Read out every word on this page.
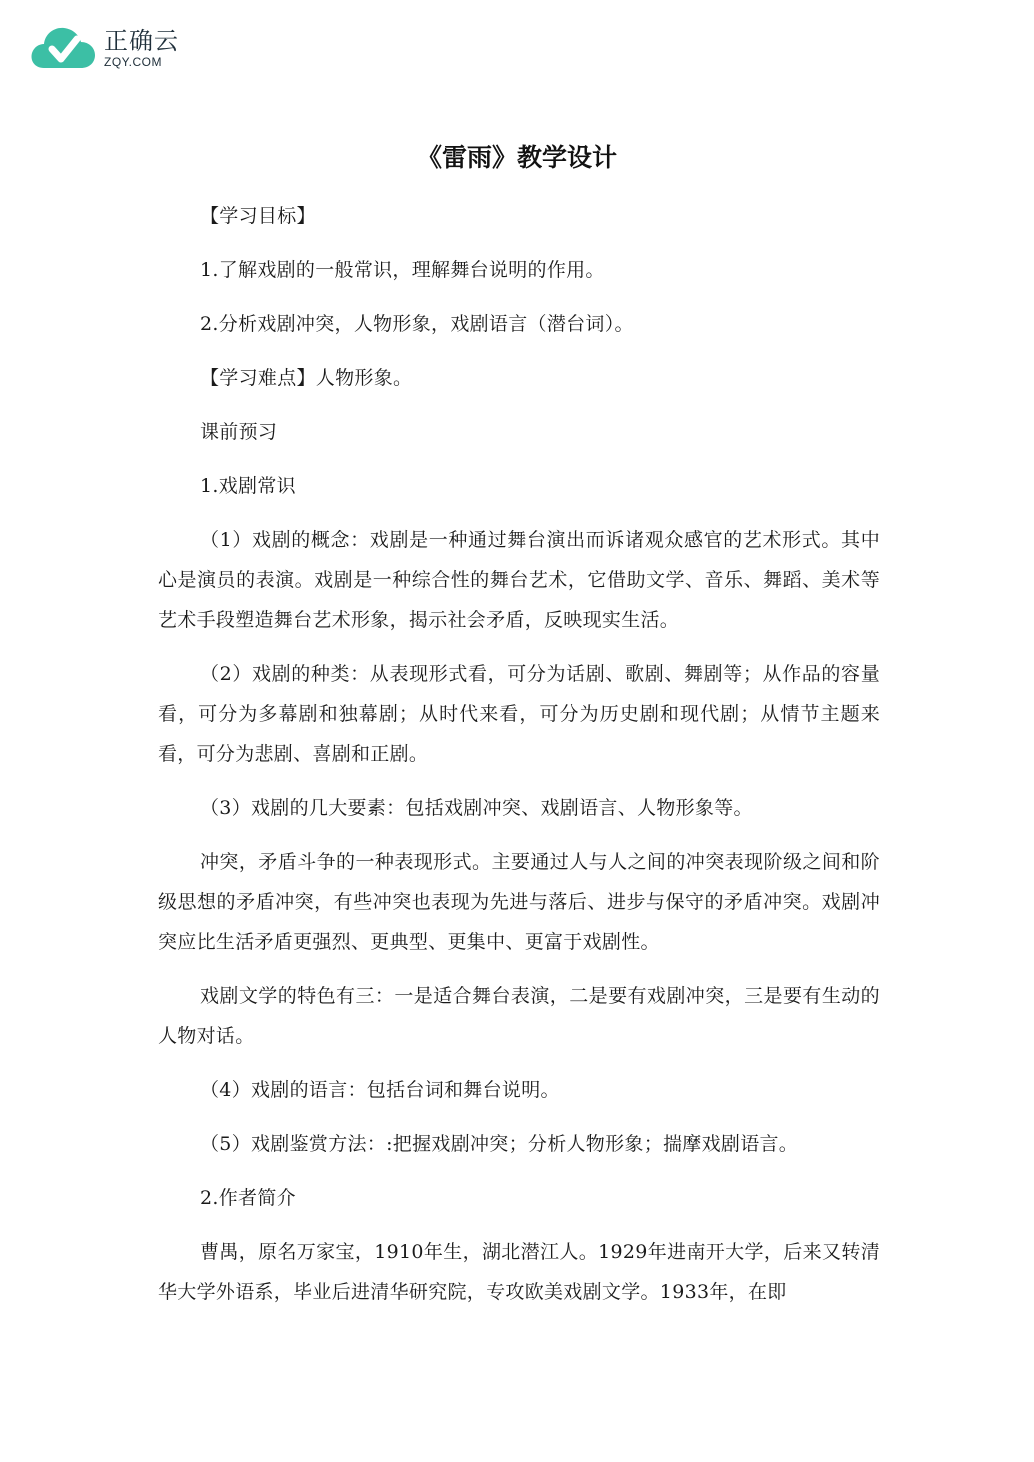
正确云
ZQY.COM
《雷雨》教学设计

【学习目标】

1.了解戏剧的一般常识，理解舞台说明的作用。

2.分析戏剧冲突，人物形象，戏剧语言（潜台词）。

【学习难点】人物形象。

课前预习

1.戏剧常识

（1）戏剧的概念：戏剧是一种通过舞台演出而诉诸观众感官的艺术形式。其中心是演员的表演。戏剧是一种综合性的舞台艺术，它借助文学、音乐、舞蹈、美术等艺术手段塑造舞台艺术形象，揭示社会矛盾，反映现实生活。

（2）戏剧的种类：从表现形式看，可分为话剧、歌剧、舞剧等；从作品的容量看，可分为多幕剧和独幕剧；从时代来看，可分为历史剧和现代剧；从情节主题来看，可分为悲剧、喜剧和正剧。

（3）戏剧的几大要素：包括戏剧冲突、戏剧语言、人物形象等。

冲突，矛盾斗争的一种表现形式。主要通过人与人之间的冲突表现阶级之间和阶级思想的矛盾冲突，有些冲突也表现为先进与落后、进步与保守的矛盾冲突。戏剧冲突应比生活矛盾更强烈、更典型、更集中、更富于戏剧性。

戏剧文学的特色有三：一是适合舞台表演，二是要有戏剧冲突，三是要有生动的人物对话。

（4）戏剧的语言：包括台词和舞台说明。

（5）戏剧鉴赏方法：:把握戏剧冲突；分析人物形象；揣摩戏剧语言。

2.作者简介

曹禺，原名万家宝，1910年生，湖北潜江人。1929年进南开大学，后来又转清华大学外语系，毕业后进清华研究院，专攻欧美戏剧文学。1933年，在即
